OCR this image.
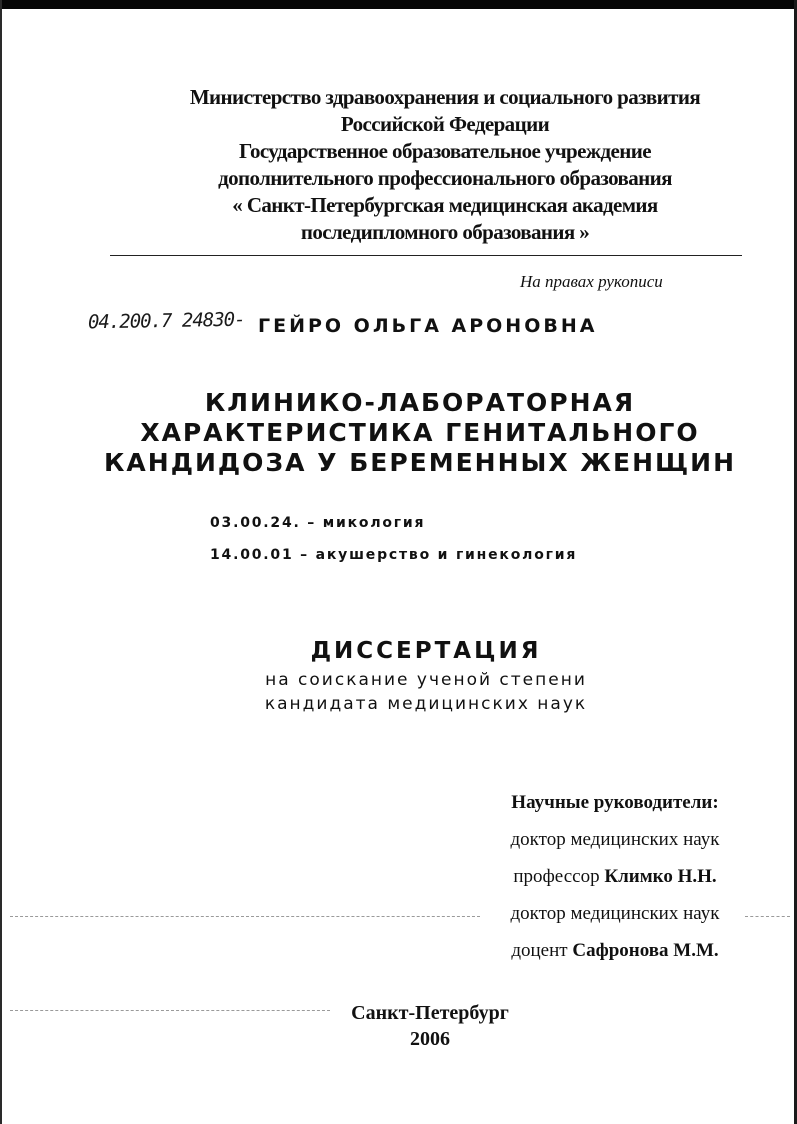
Министерство здравоохранения и социального развития
Российской Федерации
Государственное образовательное учреждение
дополнительного профессионального образования
« Санкт-Петербургская медицинская академия
последипломного образования »
На правах рукописи
04.200.7 24830- ГЕЙРО ОЛЬГА АРОНОВНА
КЛИНИКО-ЛАБОРАТОРНАЯ
ХАРАКТЕРИСТИКА ГЕНИТАЛЬНОГО
КАНДИДОЗА У БЕРЕМЕННЫХ ЖЕНЩИН
03.00.24. – микология
14.00.01 – акушерство и гинекология
ДИССЕРТАЦИЯ
на соискание ученой степени
кандидата медицинских наук
Научные руководители:
доктор медицинских наук
профессор Климко Н.Н.
доктор медицинских наук
доцент Сафронова М.М.
Санкт-Петербург
2006
